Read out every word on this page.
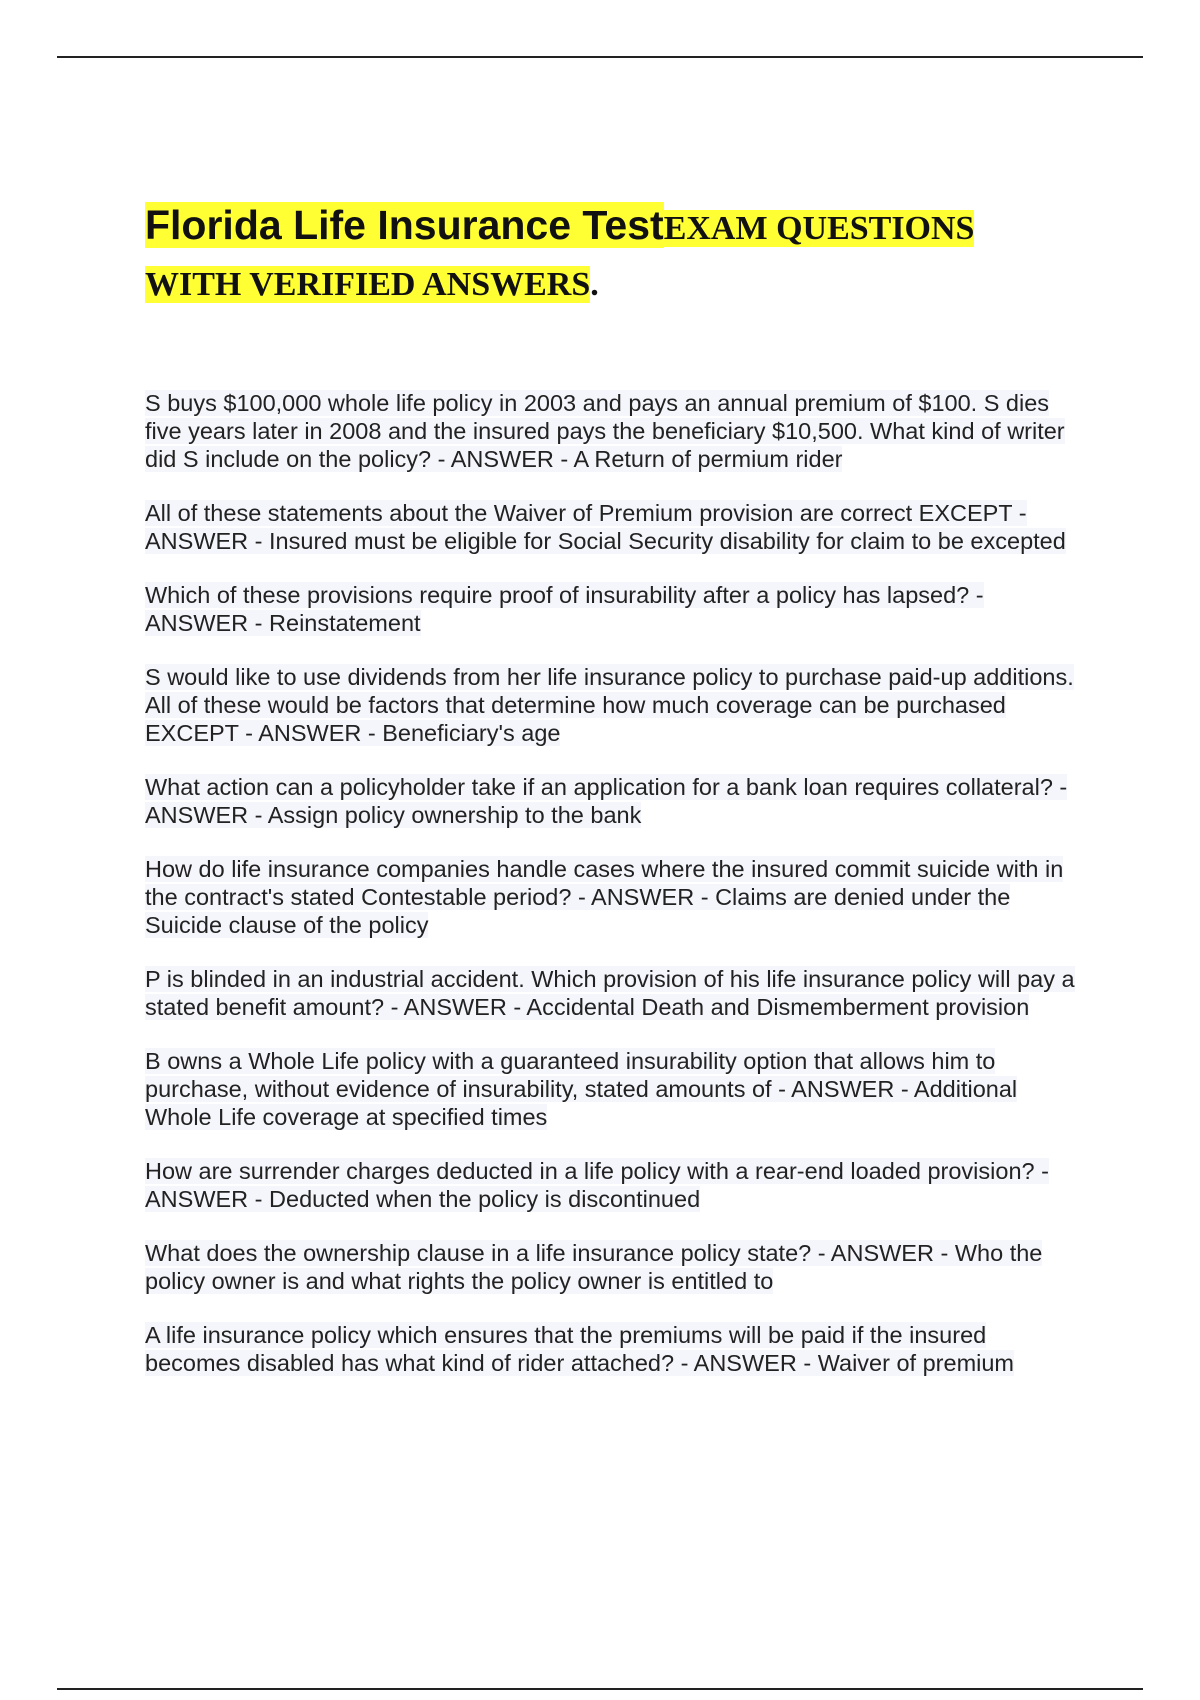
Florida Life Insurance TestEXAM QUESTIONS WITH VERIFIED ANSWERS.

S buys $100,000 whole life policy in 2003 and pays an annual premium of $100. S dies five years later in 2008 and the insured pays the beneficiary $10,500. What kind of writer did S include on the policy? - ANSWER - A Return of permium rider

All of these statements about the Waiver of Premium provision are correct EXCEPT - ANSWER - Insured must be eligible for Social Security disability for claim to be excepted

Which of these provisions require proof of insurability after a policy has lapsed? - ANSWER - Reinstatement

S would like to use dividends from her life insurance policy to purchase paid-up additions. All of these would be factors that determine how much coverage can be purchased EXCEPT - ANSWER - Beneficiary's age

What action can a policyholder take if an application for a bank loan requires collateral? - ANSWER - Assign policy ownership to the bank

How do life insurance companies handle cases where the insured commit suicide with in the contract's stated Contestable period? - ANSWER - Claims are denied under the Suicide clause of the policy

P is blinded in an industrial accident. Which provision of his life insurance policy will pay a stated benefit amount? - ANSWER - Accidental Death and Dismemberment provision

B owns a Whole Life policy with a guaranteed insurability option that allows him to purchase, without evidence of insurability, stated amounts of - ANSWER - Additional Whole Life coverage at specified times

How are surrender charges deducted in a life policy with a rear-end loaded provision? - ANSWER - Deducted when the policy is discontinued

What does the ownership clause in a life insurance policy state? - ANSWER - Who the policy owner is and what rights the policy owner is entitled to

A life insurance policy which ensures that the premiums will be paid if the insured becomes disabled has what kind of rider attached? - ANSWER - Waiver of premium
